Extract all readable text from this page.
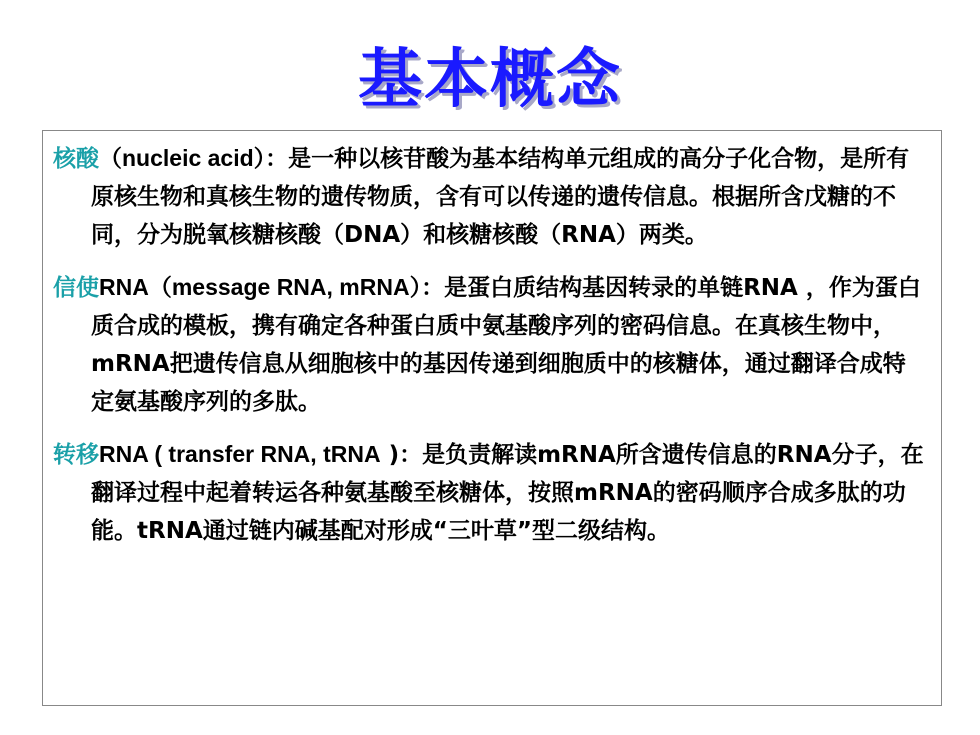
基本概念

核酸（nucleic acid）：是一种以核苷酸为基本结构单元组成的高分子化合物，是所有原核生物和真核生物的遗传物质，含有可以传递的遗传信息。根据所含戊糖的不同，分为脱氧核糖核酸（DNA）和核糖核酸（RNA）两类。

信使RNA（message RNA, mRNA）：是蛋白质结构基因转录的单链RNA ，作为蛋白质合成的模板，携有确定各种蛋白质中氨基酸序列的密码信息。在真核生物中，mRNA把遗传信息从细胞核中的基因传递到细胞质中的核糖体，通过翻译合成特定氨基酸序列的多肽。

转移RNA ( transfer RNA, tRNA )：是负责解读mRNA所含遗传信息的RNA分子，在翻译过程中起着转运各种氨基酸至核糖体，按照mRNA的密码顺序合成多肽的功能。tRNA通过链内碱基配对形成“三叶草”型二级结构。
